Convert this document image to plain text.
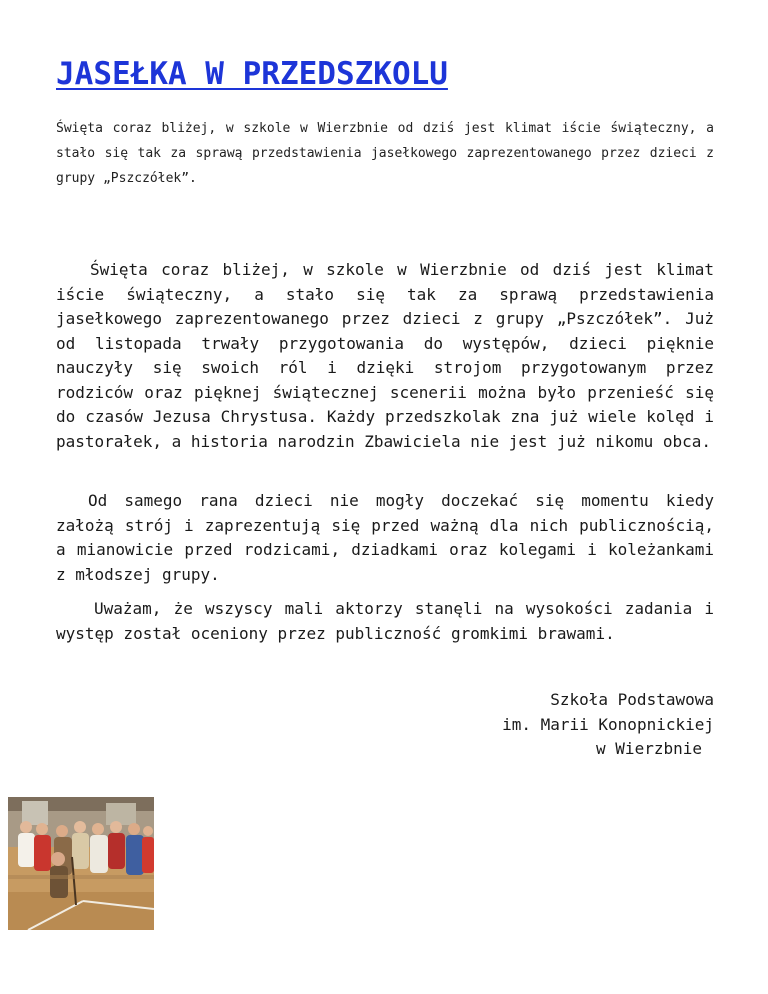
JASEŁKA W PRZEDSZKOLU

Święta coraz bliżej, w szkole w Wierzbnie od dziś jest klimat iście świąteczny, a stało się tak za sprawą przedstawienia jasełkowego zaprezentowanego przez dzieci z grupy „Pszczółek”.

Święta coraz bliżej, w szkole w Wierzbnie od dziś jest klimat iście świąteczny, a stało się tak za sprawą przedstawienia jasełkowego zaprezentowanego przez dzieci z grupy „Pszczółek”. Już od listopada trwały przygotowania do występów, dzieci pięknie nauczyły się swoich ról i dzięki strojom przygotowanym przez rodziców oraz pięknej świątecznej scenerii można było przenieść się do czasów Jezusa Chrystusa. Każdy przedszkolak zna już wiele kolęd i pastorałek, a historia narodzin Zbawiciela nie jest już nikomu obca.

Od samego rana dzieci nie mogły doczekać się momentu kiedy założą strój i zaprezentują się przed ważną dla nich publicznością, a mianowicie przed rodzicami, dziadkami oraz kolegami i koleżankami z młodszej grupy.

Uważam, że wszyscy mali aktorzy stanęli na wysokości zadania i występ został oceniony przez publiczność gromkimi brawami.

Szkoła Podstawowa
im. Marii Konopnickiej
w Wierzbnie
